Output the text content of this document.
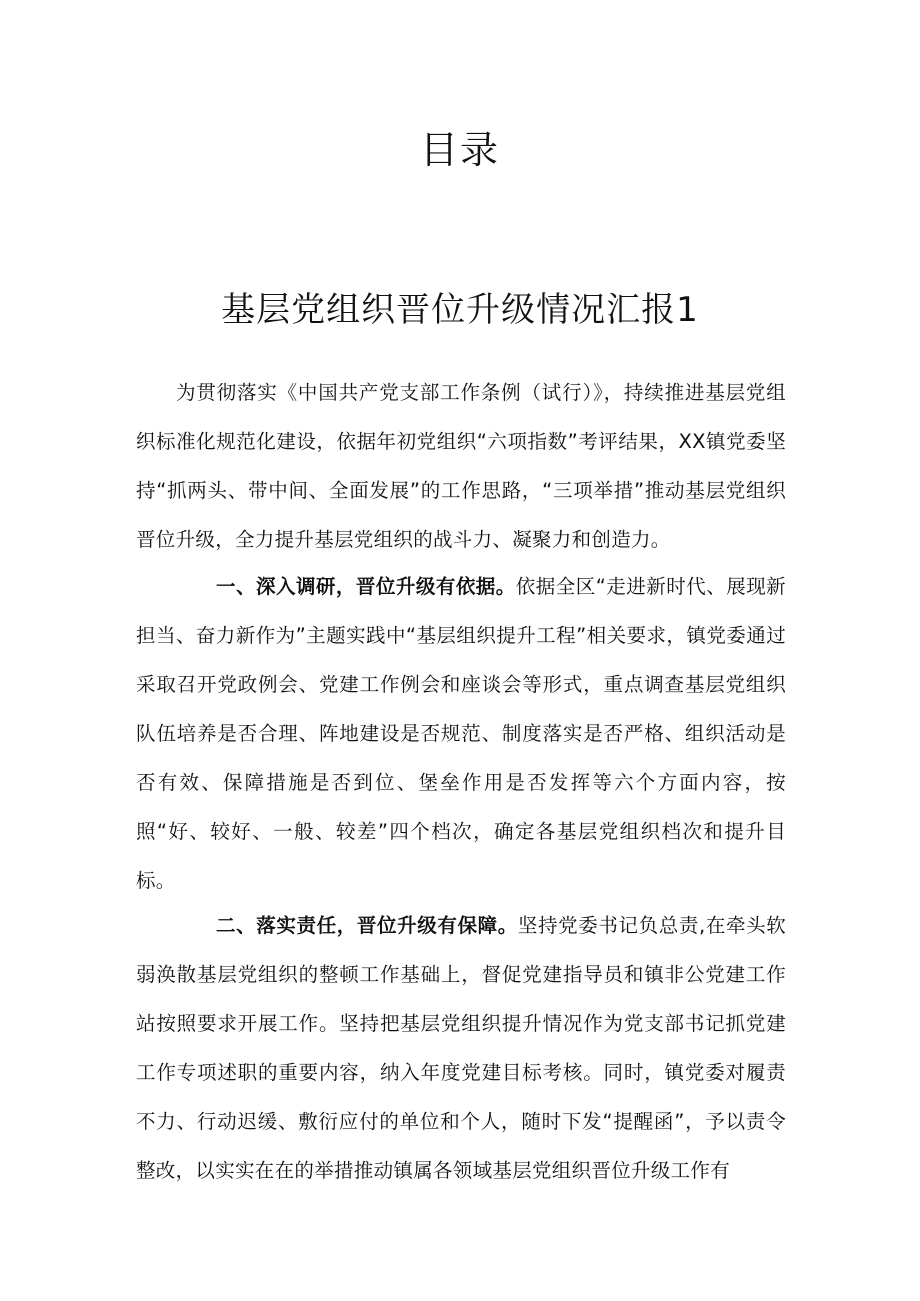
目录
基层党组织晋位升级情况汇报1

为贯彻落实《中国共产党支部工作条例（试行）》，持续推进基层党组织标准化规范化建设，依据年初党组织“六项指数”考评结果，XX镇党委坚持“抓两头、带中间、全面发展”的工作思路，“三项举措”推动基层党组织晋位升级，全力提升基层党组织的战斗力、凝聚力和创造力。

一、深入调研，晋位升级有依据。依据全区“走进新时代、展现新担当、奋力新作为”主题实践中“基层组织提升工程”相关要求，镇党委通过采取召开党政例会、党建工作例会和座谈会等形式，重点调查基层党组织队伍培养是否合理、阵地建设是否规范、制度落实是否严格、组织活动是否有效、保障措施是否到位、堡垒作用是否发挥等六个方面内容，按照“好、较好、一般、较差”四个档次，确定各基层党组织档次和提升目标。

二、落实责任，晋位升级有保障。坚持党委书记负总责,在牵头软弱涣散基层党组织的整顿工作基础上，督促党建指导员和镇非公党建工作站按照要求开展工作。坚持把基层党组织提升情况作为党支部书记抓党建工作专项述职的重要内容，纳入年度党建目标考核。同时，镇党委对履责不力、行动迟缓、敷衍应付的单位和个人，随时下发“提醒函”，予以责令整改，以实实在在的举措推动镇属各领域基层党组织晋位升级工作有
